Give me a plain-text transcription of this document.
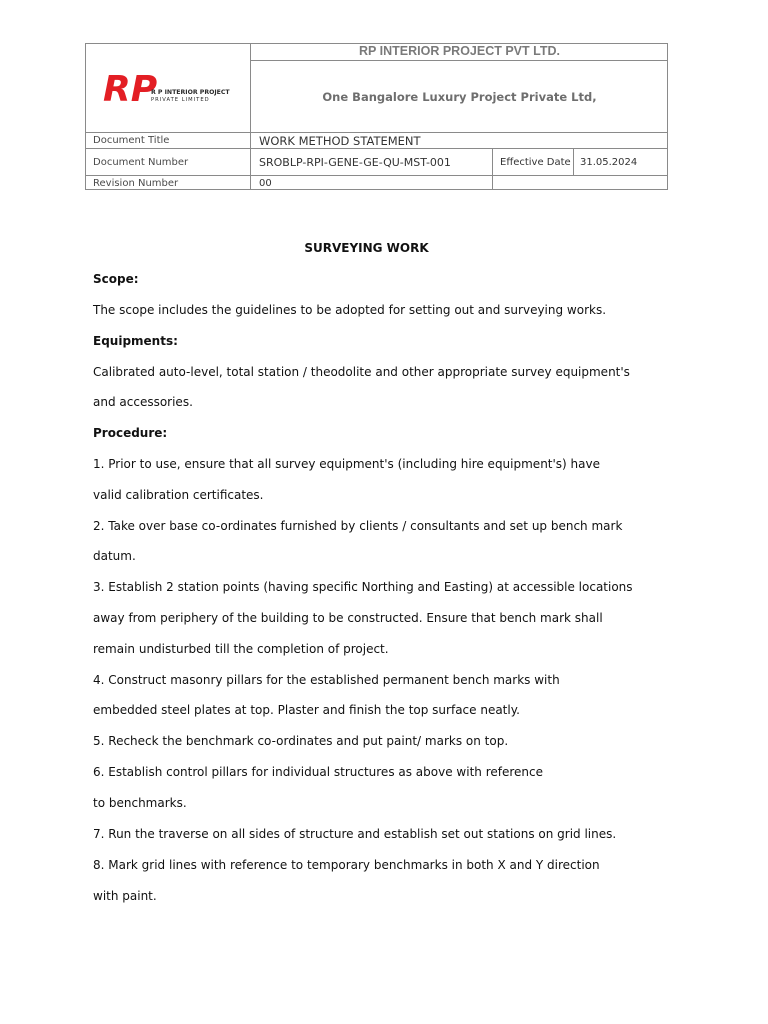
RP
R P INTERIOR PROJECT
PRIVATE LIMITED
RP INTERIOR PROJECT PVT LTD.
One Bangalore Luxury Project Private Ltd,
Document Title	WORK METHOD STATEMENT
Document Number	SROBLP-RPI-GENE-GE-QU-MST-001	Effective Date 31.05.2024
Revision Number	00
SURVEYING WORK
Scope:
The scope includes the guidelines to be adopted for setting out and surveying works.
Equipments:
Calibrated auto-level, total station / theodolite and other appropriate survey equipment's
and accessories.
Procedure:
1. Prior to use, ensure that all survey equipment's (including hire equipment's) have
valid calibration certificates.
2. Take over base co-ordinates furnished by clients / consultants and set up bench mark
datum.
3. Establish 2 station points (having specific Northing and Easting) at accessible locations
away from periphery of the building to be constructed. Ensure that bench mark shall
remain undisturbed till the completion of project.
4. Construct masonry pillars for the established permanent bench marks with
embedded steel plates at top. Plaster and finish the top surface neatly.
5. Recheck the benchmark co-ordinates and put paint/ marks on top.
6. Establish control pillars for individual structures as above with reference
to benchmarks.
7. Run the traverse on all sides of structure and establish set out stations on grid lines.
8. Mark grid lines with reference to temporary benchmarks in both X and Y direction
with paint.
